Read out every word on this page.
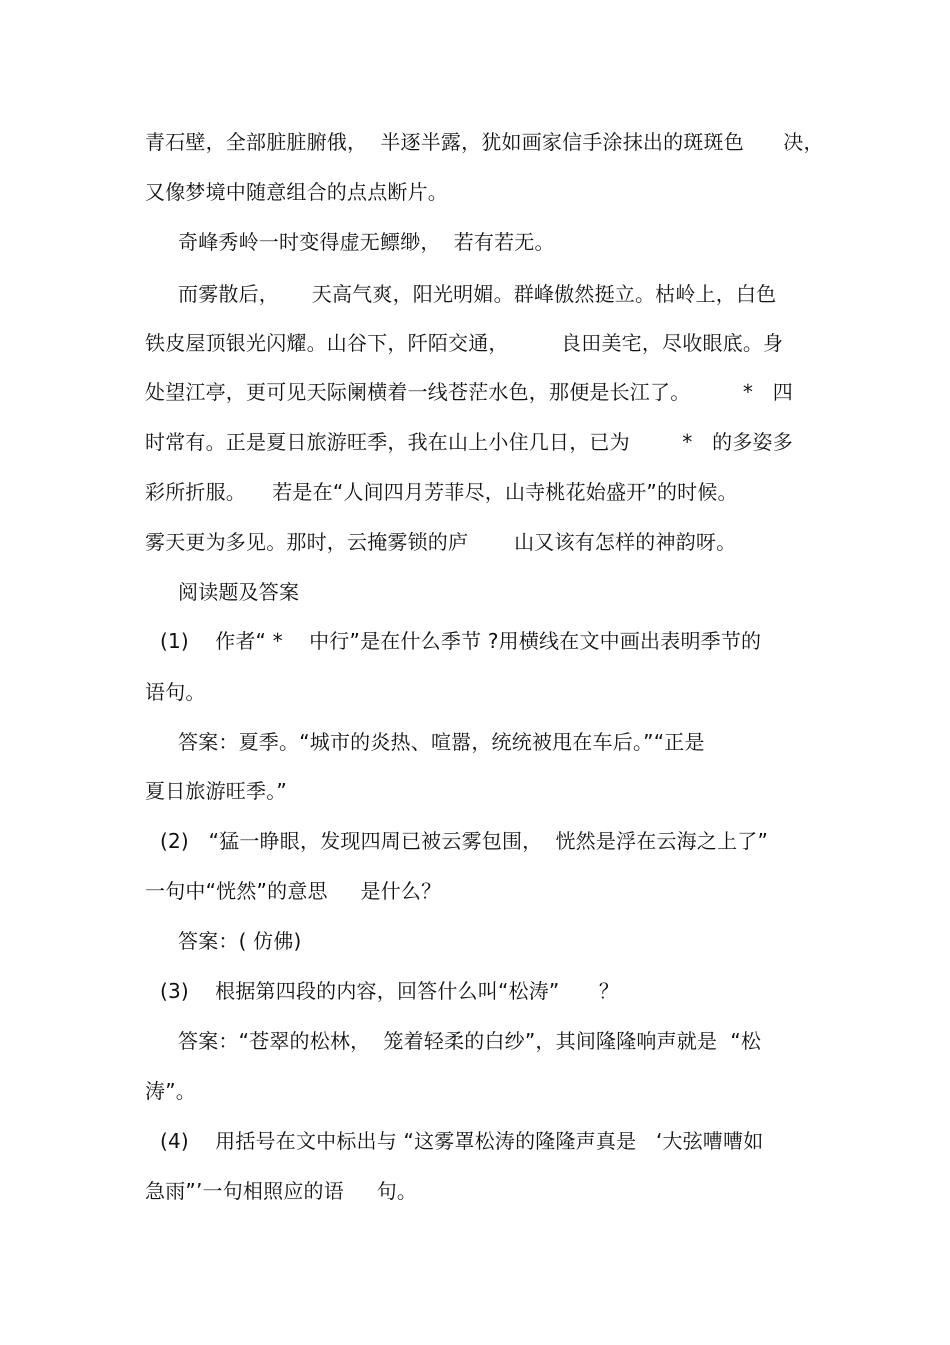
青石壁，全部脏脏腑俄，  半逐半露，犹如画家信手涂抹出的斑斑色      决，
又像梦境中随意组合的点点断片。
奇峰秀岭一时变得虚无鳔缈，  若有若无。
而雾散后，     天高气爽，阳光明媚。群峰傲然挺立。枯岭上，白色
铁皮屋顶银光闪耀。山谷下，阡陌交通，        良田美宅，尽收眼底。身
处望江亭，更可见天际阑横着一线苍茫水色，那便是长江了。        *   四
时常有。正是夏日旅游旺季，我在山上小住几日，已为        *   的多姿多
彩所折服。    若是在“人间四月芳菲尽，山寺桃花始盛开”的时候。
雾天更为多见。那时，云掩雾锁的庐       山又该有怎样的神韵呀。
阅读题及答案
(1)    作者“ *    中行”是在什么季节 ?用横线在文中画出表明季节的
语句。
答案：夏季。“城市的炎热、喧嚣，统统被甩在车后。”“正是
夏日旅游旺季。”
(2)   “猛一睁眼，发现四周已被云雾包围，  恍然是浮在云海之上了”
一句中“恍然”的意思     是什么？
答案：( 仿佛)
(3)    根据第四段的内容，回答什么叫“松涛”      ？
答案：“苍翠的松林，  笼着轻柔的白纱”，其间隆隆响声就是  “松
涛”。
(4)    用括号在文中标出与 “这雾罩松涛的隆隆声真是   ‘大弦嘈嘈如
急雨”’一句相照应的语     句。
